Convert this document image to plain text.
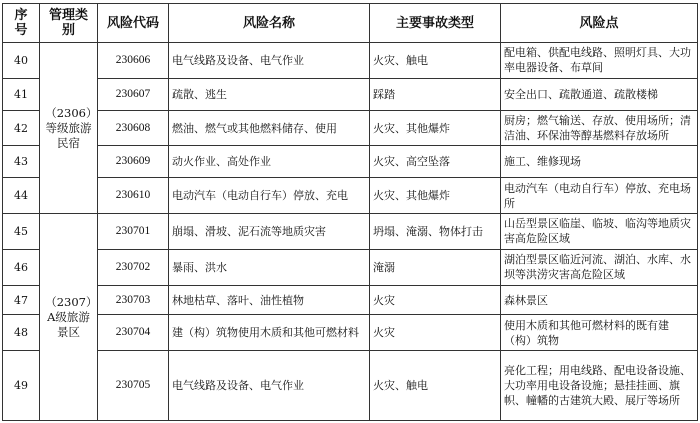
序号	管理类别	风险代码	风险名称	主要事故类型	风险点
40	（2306）等级旅游民宿	230606	电气线路及设备、电气作业	火灾、触电	配电箱、供配电线路、照明灯具、大功率电器设备、布草间
41		230607	疏散、逃生	踩踏	安全出口、疏散通道、疏散楼梯
42		230608	燃油、燃气或其他燃料储存、使用	火灾、其他爆炸	厨房；燃气输送、存放、使用场所；清洁油、环保油等醇基燃料存放场所
43		230609	动火作业、高处作业	火灾、高空坠落	施工、维修现场
44		230610	电动汽车（电动自行车）停放、充电	火灾、其他爆炸	电动汽车（电动自行车）停放、充电场所
45	（2307）A级旅游景区	230701	崩塌、滑坡、泥石流等地质灾害	坍塌、淹溺、物体打击	山岳型景区临崖、临坡、临沟等地质灾害高危险区域
46		230702	暴雨、洪水	淹溺	湖泊型景区临近河流、湖泊、水库、水坝等洪涝灾害高危险区域
47		230703	林地枯草、落叶、油性植物	火灾	森林景区
48		230704	建（构）筑物使用木质和其他可燃材料	火灾	使用木质和其他可燃材料的既有建（构）筑物
49		230705	电气线路及设备、电气作业	火灾、触电	亮化工程；用电线路、配电设备设施、大功率用电设备设施；悬挂挂画、旗帜、幢幡的古建筑大殿、展厅等场所
